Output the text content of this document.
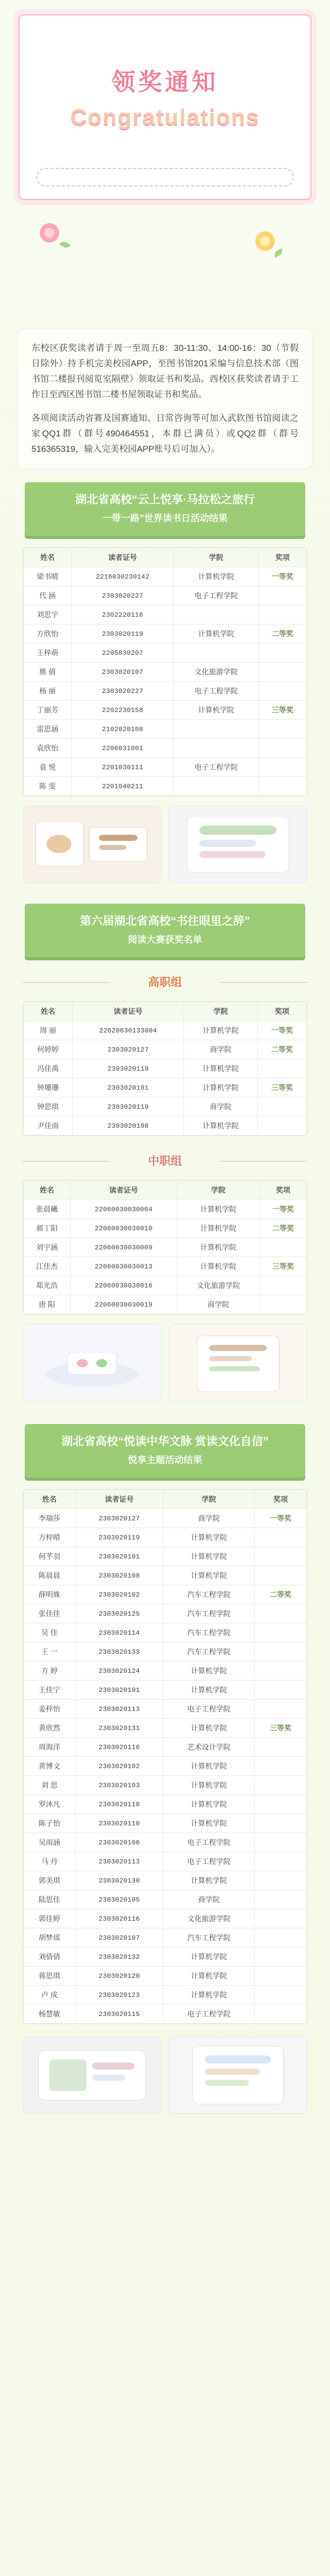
领奖通知
Congratulations

东校区获奖读者请于周一至周五8：30-11:30、14:00-16：30（节假日除外）持手机完美校园APP，至图书馆201采编与信息技术部（图书馆二楼报刊阅览室隔壁）领取证书和奖品。西校区获奖读者请于工作日至西区图书馆二楼书屋领取证书和奖品。

各项阅读活动省赛及国赛通知、日常咨询等可加入武软图书馆阅读之家QQ1群（群号490464551，本群已满员）或QQ2群（群号516365319，输入完美校园APP账号后可加入）。

湖北省高校“云上悦享·马拉松之旅行
一带一路”世界读书日活动结果
姓名	读者证号	学院	奖项
梁书晴	2216030230142	计算机学院	一等奖
代 涵	2303020227	电子工程学院	
刘思宇	2302220116		
方欣怡	2303020119	计算机学院	二等奖
王梓萌	2205030207		
熊 倩	2303020107	文化旅游学院	
杨 丽	2303020227	电子工程学院	
丁丽芳	2202230158	计算机学院	三等奖
雷思涵	2102020108		
袁欣怡	2206031001		
袁 悦	2201030111	电子工程学院	
陈 雯	2201040211		
第六届湖北省高校“书往眼里之辞”
阅读大赛获奖名单
高职组
姓名	读者证号	学院	奖项
周 丽	22620630133004	计算机学院	一等奖
何婷婷	2303020127	商学院	二等奖
冯佳禹	2303020119	计算机学院	
钟珊珊	2303020101	计算机学院	三等奖
钟思琪	2303020119	商学院	
尹佳雨	2303020108	计算机学院	
中职组
姓名	读者证号	学院	奖项
张晨曦	22060030030004	计算机学院	一等奖
郝丁阳	22060030030010	计算机学院	二等奖
刘宇涵	22060030030009	计算机学院	
江佳杰	22060030030013	计算机学院	三等奖
郑光浩	22060030030016	文化旅游学院	
唐 阳	22060030030019	商学院	
湖北省高校“悦读中华文脉 赏读文化自信”
悦享主题活动结果
姓名	读者证号	学院	奖项
李瑞莎	2303020127	商学院	一等奖
方梓晴	2303020119	计算机学院	
何芊羽	2303020101	计算机学院	
陈晨晨	2303020108	计算机学院	
薛明姝	2303020102	汽车工程学院	二等奖
张佳佳	2303020125	汽车工程学院	
吴 佳	2303020114	汽车工程学院	
王 一	2303020133	汽车工程学院	
方 婷	2303020124	计算机学院	
王佳宁	2303020101	计算机学院	
姜梓怡	2303020113	电子工程学院	
黄欣然	2303020131	计算机学院	三等奖
周海洋	2303020116	艺术设计学院	
黄博文	2303020102	计算机学院	
刘 思	2303020103	计算机学院	
罗沐凡	2303020118	计算机学院	
陈子怡	2303020110	计算机学院	
吴雨涵	2303020106	电子工程学院	
马 丹	2303020113	电子工程学院	
郭美琪	2303020130	计算机学院	
陆思佳	2303020105	商学院	
郭佳婷	2303020116	文化旅游学院	
胡梦瑶	2303020107	汽车工程学院	
刘倩倩	2303020132	计算机学院	
蒋思琪	2303020120	计算机学院	
卢 成	2303020123	计算机学院	
杨慧敏	2303020115	电子工程学院	
